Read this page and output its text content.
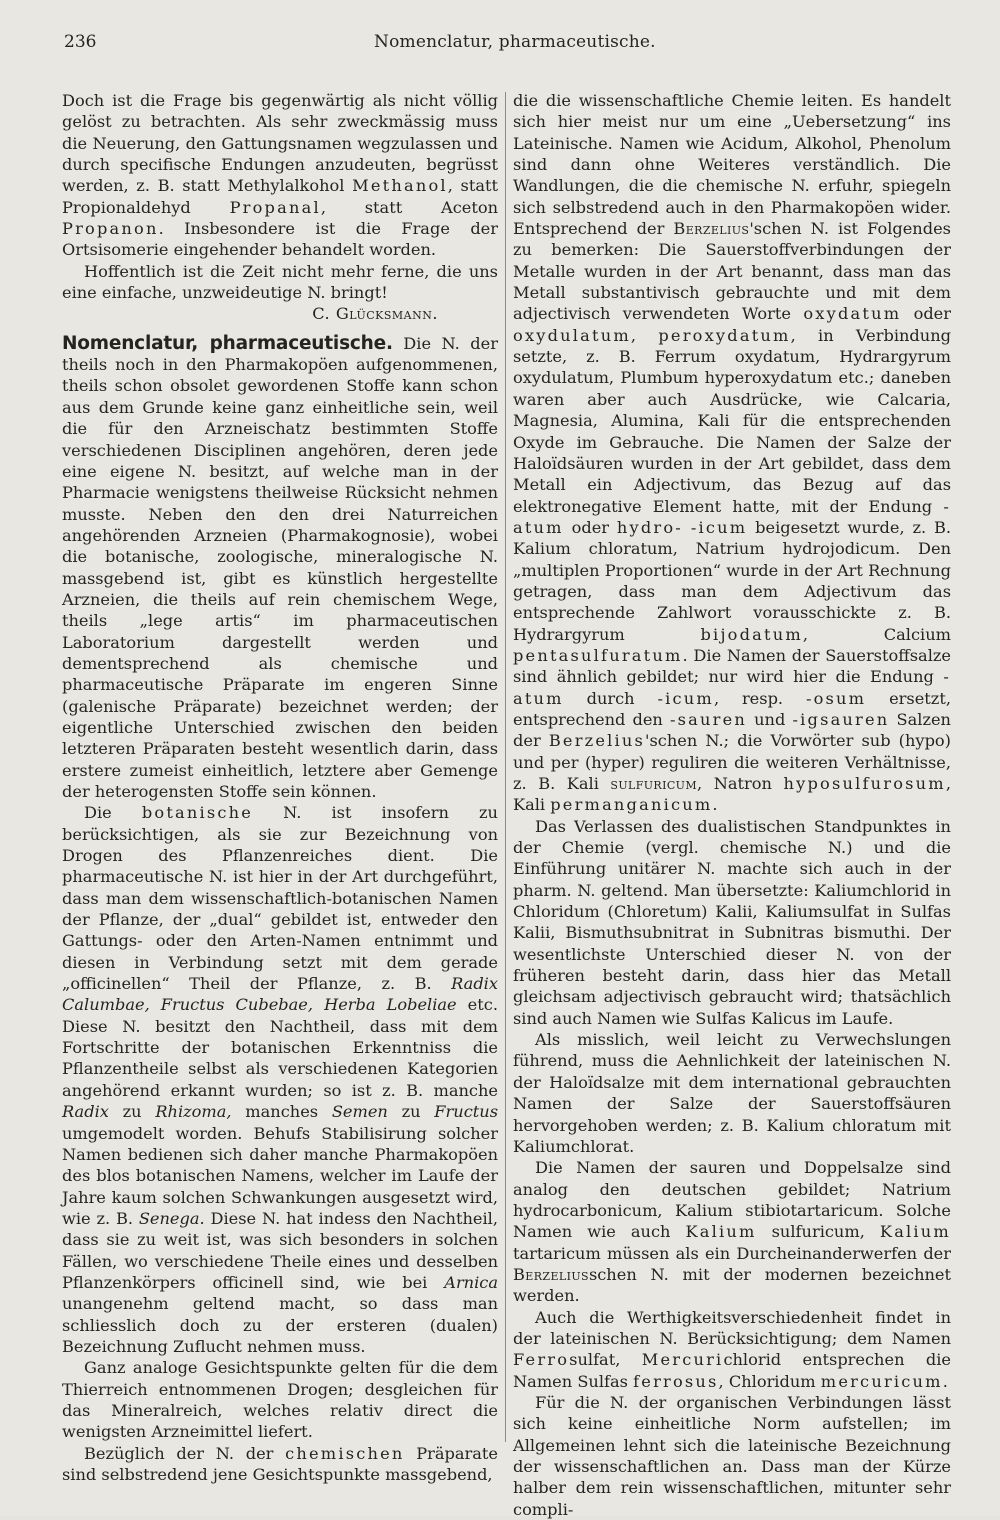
236	Nomenclatur, pharmaceutische.

Doch ist die Frage bis gegenwärtig als nicht völlig gelöst zu betrachten. Als sehr zweckmässig muss die Neuerung, den Gattungsnamen wegzulassen und durch specifische Endungen anzudeuten, begrüsst werden, z. B. statt Methylalkohol Methanol, statt Propionaldehyd Propanal, statt Aceton Propanon. Insbesondere ist die Frage der Ortsisomerie eingehender behandelt worden.

Hoffentlich ist die Zeit nicht mehr ferne, die uns eine einfache, unzweideutige N. bringt!

C. Glücksmann.

Nomenclatur, pharmaceutische. Die N. der theils noch in den Pharmakopöen aufgenommenen, theils schon obsolet gewordenen Stoffe kann schon aus dem Grunde keine ganz einheitliche sein, weil die für den Arzneischatz bestimmten Stoffe verschiedenen Disciplinen angehören, deren jede eine eigene N. besitzt, auf welche man in der Pharmacie wenigstens theilweise Rücksicht nehmen musste. Neben den den drei Naturreichen angehörenden Arzneien (Pharmakognosie), wobei die botanische, zoologische, mineralogische N. massgebend ist, gibt es künstlich hergestellte Arzneien, die theils auf rein chemischem Wege, theils „lege artis“ im pharmaceutischen Laboratorium dargestellt werden und dementsprechend als chemische und pharmaceutische Präparate im engeren Sinne (galenische Präparate) bezeichnet werden; der eigentliche Unterschied zwischen den beiden letzteren Präparaten besteht wesentlich darin, dass erstere zumeist einheitlich, letztere aber Gemenge der heterogensten Stoffe sein können.

Die botanische N. ist insofern zu berücksichtigen, als sie zur Bezeichnung von Drogen des Pflanzenreiches dient. Die pharmaceutische N. ist hier in der Art durchgeführt, dass man dem wissenschaftlich-botanischen Namen der Pflanze, der „dual“ gebildet ist, entweder den Gattungs- oder den Arten-Namen entnimmt und diesen in Verbindung setzt mit dem gerade „officinellen“ Theil der Pflanze, z. B. Radix Calumbae, Fructus Cubebae, Herba Lobeliae etc. Diese N. besitzt den Nachtheil, dass mit dem Fortschritte der botanischen Erkenntniss die Pflanzentheile selbst als verschiedenen Kategorien angehörend erkannt wurden; so ist z. B. manche Radix zu Rhizoma, manches Semen zu Fructus umgemodelt worden. Behufs Stabilisirung solcher Namen bedienen sich daher manche Pharmakopöen des blos botanischen Namens, welcher im Laufe der Jahre kaum solchen Schwankungen ausgesetzt wird, wie z. B. Senega. Diese N. hat indess den Nachtheil, dass sie zu weit ist, was sich besonders in solchen Fällen, wo verschiedene Theile eines und desselben Pflanzenkörpers officinell sind, wie bei Arnica unangenehm geltend macht, so dass man schliesslich doch zu der ersteren (dualen) Bezeichnung Zuflucht nehmen muss.

Ganz analoge Gesichtspunkte gelten für die dem Thierreich entnommenen Drogen; desgleichen für das Mineralreich, welches relativ direct die wenigsten Arzneimittel liefert.

Bezüglich der N. der chemischen Präparate sind selbstredend jene Gesichtspunkte massgebend,

die die wissenschaftliche Chemie leiten. Es handelt sich hier meist nur um eine „Uebersetzung“ ins Lateinische. Namen wie Acidum, Alkohol, Phenolum sind dann ohne Weiteres verständlich. Die Wandlungen, die die chemische N. erfuhr, spiegeln sich selbstredend auch in den Pharmakopöen wider. Entsprechend der Berzelius'schen N. ist Folgendes zu bemerken: Die Sauerstoffverbindungen der Metalle wurden in der Art benannt, dass man das Metall substantivisch gebrauchte und mit dem adjectivisch verwendeten Worte oxydatum oder oxydulatum, peroxydatum, in Verbindung setzte, z. B. Ferrum oxydatum, Hydrargyrum oxydulatum, Plumbum hyperoxydatum etc.; daneben waren aber auch Ausdrücke, wie Calcaria, Magnesia, Alumina, Kali für die entsprechenden Oxyde im Gebrauche. Die Namen der Salze der Haloïdsäuren wurden in der Art gebildet, dass dem Metall ein Adjectivum, das Bezug auf das elektronegative Element hatte, mit der Endung -atum oder hydro- -icum beigesetzt wurde, z. B. Kalium chloratum, Natrium hydrojodicum. Den „multiplen Proportionen“ wurde in der Art Rechnung getragen, dass man dem Adjectivum das entsprechende Zahlwort vorausschickte z. B. Hydrargyrum bijodatum, Calcium pentasulfuratum. Die Namen der Sauerstoffsalze sind ähnlich gebildet; nur wird hier die Endung -atum durch -icum, resp. -osum ersetzt, entsprechend den -sauren und -igsauren Salzen der Berzelius'schen N.; die Vorwörter sub (hypo) und per (hyper) reguliren die weiteren Verhältnisse, z. B. Kali sulfuricum, Natron hyposulfurosum, Kali permanganicum.

Das Verlassen des dualistischen Standpunktes in der Chemie (vergl. chemische N.) und die Einführung unitärer N. machte sich auch in der pharm. N. geltend. Man übersetzte: Kaliumchlorid in Chloridum (Chloretum) Kalii, Kaliumsulfat in Sulfas Kalii, Bismuthsubnitrat in Subnitras bismuthi. Der wesentlichste Unterschied dieser N. von der früheren besteht darin, dass hier das Metall gleichsam adjectivisch gebraucht wird; thatsächlich sind auch Namen wie Sulfas Kalicus im Laufe.

Als misslich, weil leicht zu Verwechslungen führend, muss die Aehnlichkeit der lateinischen N. der Haloïdsalze mit dem international gebrauchten Namen der Salze der Sauerstoffsäuren hervorgehoben werden; z. B. Kalium chloratum mit Kaliumchlorat.

Die Namen der sauren und Doppelsalze sind analog den deutschen gebildet; Natrium hydrocarbonicum, Kalium stibiotartaricum. Solche Namen wie auch Kalium sulfuricum, Kalium tartaricum müssen als ein Durcheinanderwerfen der Berzeliusschen N. mit der modernen bezeichnet werden.

Auch die Werthigkeitsverschiedenheit findet in der lateinischen N. Berücksichtigung; dem Namen Ferrosulfat, Mercurichlorid entsprechen die Namen Sulfas ferrosus, Chloridum mercuricum.

Für die N. der organischen Verbindungen lässt sich keine einheitliche Norm aufstellen; im Allgemeinen lehnt sich die lateinische Bezeichnung der wissenschaftlichen an. Dass man der Kürze halber dem rein wissenschaftlichen, mitunter sehr compli-
